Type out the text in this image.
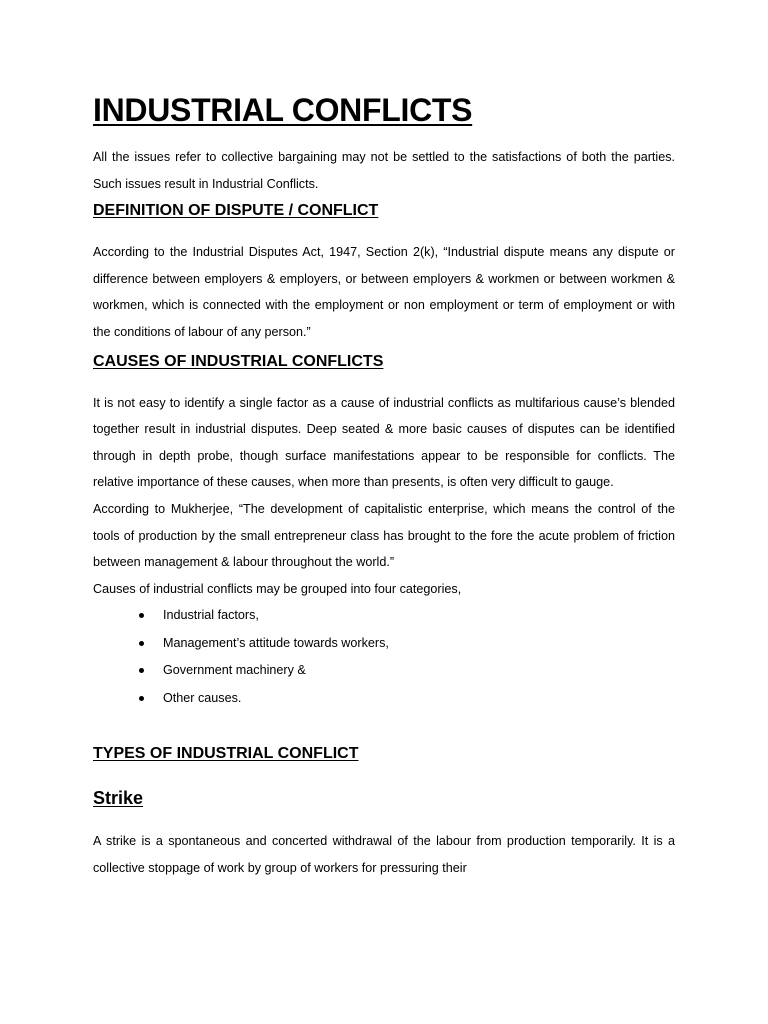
INDUSTRIAL CONFLICTS

All the issues refer to collective bargaining may not be settled to the satisfactions of both the parties. Such issues result in Industrial Conflicts.

DEFINITION OF DISPUTE / CONFLICT

According to the Industrial Disputes Act, 1947, Section 2(k), “Industrial dispute means any dispute or difference between employers & employers, or between employers & workmen or between workmen & workmen, which is connected with the employment or non employment or term of employment or with the conditions of labour of any person.”

CAUSES OF INDUSTRIAL CONFLICTS

It is not easy to identify a single factor as a cause of industrial conflicts as multifarious cause’s blended together result in industrial disputes. Deep seated & more basic causes of disputes can be identified through in depth probe, though surface manifestations appear to be responsible for conflicts. The relative importance of these causes, when more than presents, is often very difficult to gauge.

According to Mukherjee, “The development of capitalistic enterprise, which means the control of the tools of production by the small entrepreneur class has brought to the fore the acute problem of friction between management & labour throughout the world.”

Causes of industrial conflicts may be grouped into four categories,

Industrial factors,
Management’s attitude towards workers,
Government machinery &
Other causes.
TYPES OF INDUSTRIAL CONFLICT
Strike

A strike is a spontaneous and concerted withdrawal of the labour from production temporarily. It is a collective stoppage of work by group of workers for pressuring their
